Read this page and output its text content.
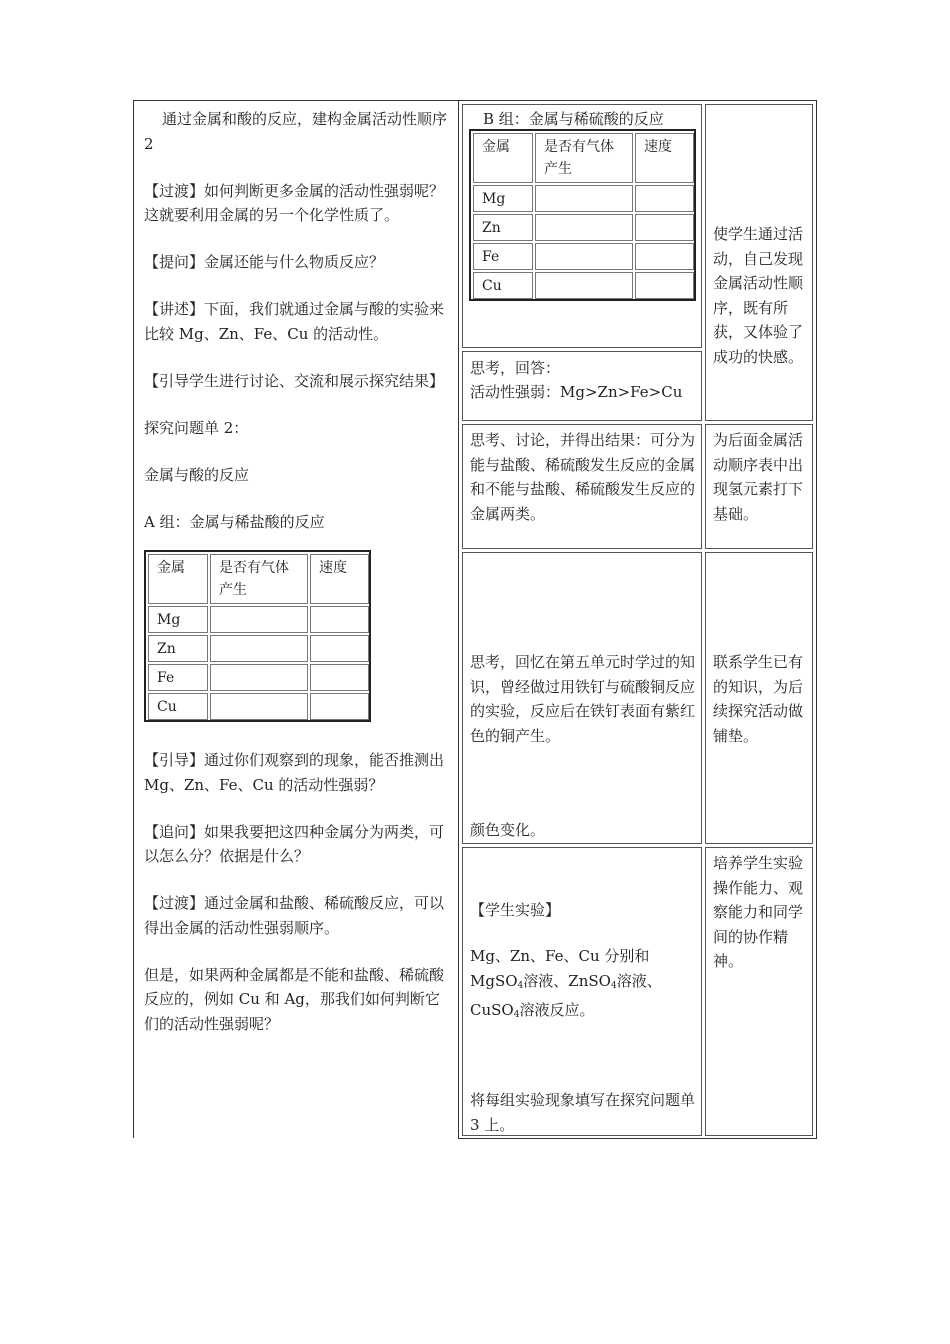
通过金属和酸的反应，建构金属活动性顺序 2

【过渡】如何判断更多金属的活动性强弱呢？这就要利用金属的另一个化学性质了。

【提问】金属还能与什么物质反应？

【讲述】下面，我们就通过金属与酸的实验来比较 Mg、Zn、Fe、Cu 的活动性。

【引导学生进行讨论、交流和展示探究结果】

探究问题单 2：

金属与酸的反应

A 组：金属与稀盐酸的反应

金属	是否有气体产生
速度
Mg
Zn
Fe
Cu

【引导】通过你们观察到的现象，能否推测出 Mg、Zn、Fe、Cu 的活动性强弱？

【追问】如果我要把这四种金属分为两类，可以怎么分？依据是什么？

【过渡】通过金属和盐酸、稀硫酸反应，可以得出金属的活动性强弱顺序。

但是，如果两种金属都是不能和盐酸、稀硫酸反应的，例如 Cu 和 Ag，那我们如何判断它们的活动性强弱呢？

B 组：金属与稀硫酸的反应
金属	是否有气体产生
速度
Mg
Zn
Fe
Cu
思考，回答：
活动性强弱：Mg>Zn>Fe>Cu
思考、讨论，并得出结果：可分为能与盐酸、稀硫酸发生反应的金属和不能与盐酸、稀硫酸发生反应的金属两类。
思考，回忆在第五单元时学过的知识，曾经做过用铁钉与硫酸铜反应的实验，反应后在铁钉表面有紫红色的铜产生。
颜色变化。
【学生实验】
Mg、Zn、Fe、Cu 分别和 MgSO$_4$溶液、ZnSO$_4$溶液、CuSO$_4$溶液反应。
将每组实验现象填写在探究问题单 3 上。
使学生通过活动，自己发现金属活动性顺序，既有所获，又体验了成功的快感。
为后面金属活动顺序表中出现氢元素打下基础。
联系学生已有的知识，为后续探究活动做铺垫。
培养学生实验操作能力、观察能力和同学间的协作精神。
